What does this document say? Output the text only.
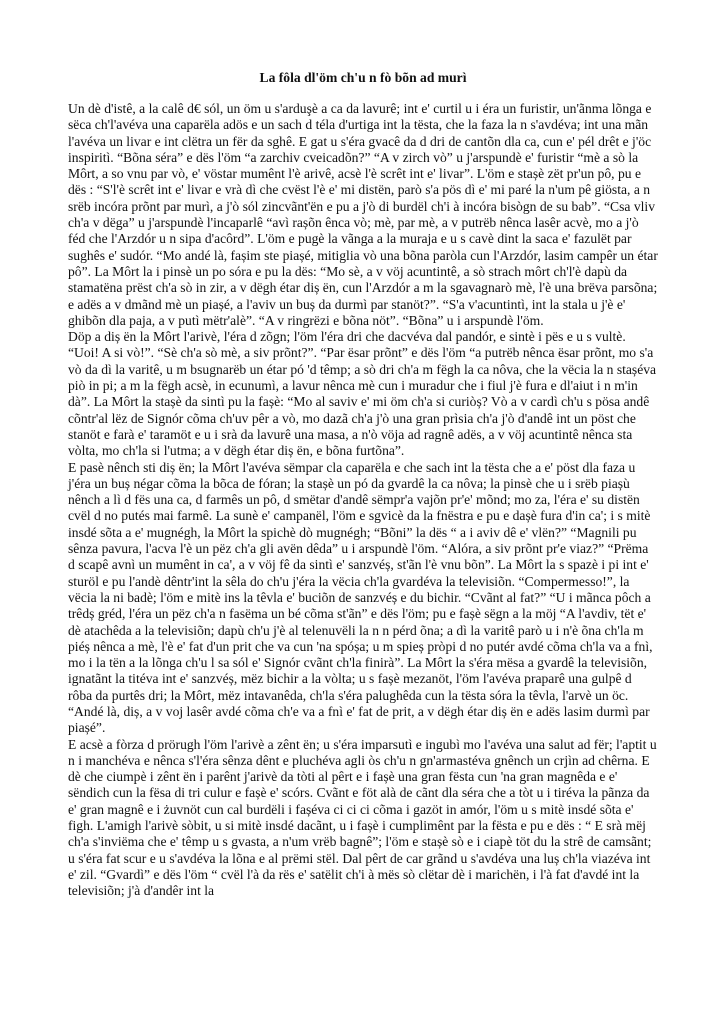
La fôla dl'öm ch'u n fò bõn ad murì

Un dè d'istê, a la calê d€ sól, un öm u s'arduşè a ca da lavurê; int e' curtil u i éra un furistir, un'ãnma lõnga e sëca ch'l'avéva una caparëla adös e un sach d téla d'urtiga int la tësta, che la faza la n s'avdéva; int una mãn l'avéva un livar e int clëtra un fër da sghê. E gat u s'éra gvacê da d dri de cantõn dla ca, cun e' pél drêt e j'öc inspiritì. “Bõna séra” e dës l'öm “a zarchiv cveicadõn?” “A v zirch vò” u j'arspundè e' furistir “mè a sò la Môrt, a so vnu par vò, e' vöstar mumênt l'è arivê, acsè l'è scrêt int e' livar”. L'öm e stașè zët pr'un pô, pu e dës : “S'l'è scrêt int e' livar e vrà dì che cvëst l'è e' mi distën, parò s'a pös dì e' mi paré la n'um pê giösta, a n srëb incóra prõnt par murì, a j'ò sól zincvãnt'ën e pu a j'ò di burdël ch'i à incóra bisògn de su bab”. “Csa vliv ch'a v dëga” u j'arspundè l'incaparlê “avì rașõn ênca vò; mè, par mè, a v putrëb nênca lasêr acvè, mo a j'ò féd che l'Arzdór u n sipa d'acôrd”. L'öm e pugè la vãnga a la muraja e u s cavè dint la saca e' fazulët par sughês e' sudór. “Mo andé là, fașim ste piașé, mitiglia vò una bõna paròla cun l'Arzdór, lasim campêr un étar pô”. La Môrt la i pinsè un po sóra e pu la dës: “Mo sè, a v vöj acuntintê, a sò strach môrt ch'l'è dapù da stamatëna prëst ch'a sò in zir, a v dëgh étar diș ën, cun l'Arzdór a m la sgavagnarò mè, l'è una brëva parsõna; e adës a v dmãnd mè un piașé, a l'aviv un buș da durmì par stanöt?”. “S'a v'acuntintì, int la stala u j'è e' ghibõn dla paja, a v putì mëtr'alè”. “A v ringrëzi e bõna nöt”. “Bõna” u i arspundè l'öm.

Döp a diș ën la Môrt l'arivè, l'éra d zõgn; l'öm l'éra dri che dacvéva dal pandór, e sintè i pës e u s vultè. “Uoi! A si vò!”. “Sè ch'a sò mè, a siv prõnt?”. “Par ësar prõnt” e dës l'öm “a putrëb nênca ësar prõnt, mo s'a vò da dì la varitê, u m bsugnarëb un étar pó 'd têmp; a sò dri ch'a m fëgh la ca nôva, che la vëcia la n stașéva piò in pi; a m la fëgh acsè, in ecunumì, a lavur nênca mè cun i muradur che i fiul j'è fura e dl'aiut i n m'in dà”. La Môrt la stașè da sintì pu la fașè: “Mo al saviv e' mi öm ch'a si curiòș? Vò a v cardì ch'u s pösa andê cõntr'al lëz de Signór cõma ch'uv pêr a vò, mo dazã ch'a j'ò una gran prìsia ch'a j'ò d'andê int un pöst che stanöt e farà e' taramöt e u i srà da lavurê una masa, a n'ò vöja ad ragnê adës, a v vöj acuntintê nênca sta vòlta, mo ch'la si l'utma; a v dëgh étar diș ën, e bõna furtõna”.

E pasè nênch sti diș ën; la Môrt l'avéva sëmpar cla caparëla e che sach int la tësta che a e' pöst dla faza u j'éra un buș négar cõma la bõca de fóran; la stașè un pó da gvardê la ca nôva; la pinsè che u i srëb piașù nênch a lì d fës una ca, d farmês un pô, d smëtar d'andê sëmpr'a vajõn pr'e' mõnd; mo za, l'éra e' su distën cvël d no putés mai farmê. La sunè e' campanël, l'öm e sgvicè da la fnëstra e pu e dașè fura d'in ca'; i s mitè insdé sõta a e' mugnégh, la Môrt la spichè dò mugnégh; “Bõni” la dës “ a i aviv dê e' vlën?” “Magnili pu sênza pavura, l'acva l'è un pëz ch'a gli avën dêda” u i arspundè l'öm. “Alóra, a siv prõnt pr'e viaz?” “Prëma d scapê avnì un mumênt in ca', a v vöj fê da sintì e' sanzvéș, st'ãn l'è vnu bõn”. La Môrt la s spazè i pi int e' sturöl e pu l'andè dêntr'int la sêla do ch'u j'éra la vëcia ch'la gvardéva la televisiõn. “Compermesso!”, la vëcia la ni badè; l'öm e mitè ins la têvla e' buciõn de sanzvéș e du bichir. “Cvãnt al fat?” “U i mãnca pôch a trêdș gréd, l'éra un pëz ch'a n fasëma un bé cõma st'ãn” e dës l'öm; pu e fașè sëgn a la möj “A l'avdiv, tët e' dè atachêda a la televisiõn; dapù ch'u j'è al telenuvëli la n n pérd õna; a dì la varitê parò u i n'è õna ch'la m piéș nênca a mè, l'è e' fat d'un prit che va cun 'na spóșa; u m spieș pròpi d no putér avdé cõma ch'la va a fnì, mo i la tën a la lõnga ch'u l sa sól e' Signór cvãnt ch'la finirà”. La Môrt la s'éra mësa a gvardê la televisiõn, ignatãnt la titéva int e' sanzvéș, mëz bichir a la vòlta; u s fașè mezanöt, l'öm l'avéva praparê una gulpê d rôba da purtês dri; la Môrt, mëz intavanêda, ch'la s'éra palughêda cun la tësta sóra la têvla, l'arvè un öc. “Andé là, diș, a v voj lasêr avdé cõma ch'e va a fnì e' fat de prit, a v dëgh étar diș ën e adës lasim durmì par piașé”.

E acsè a fòrza d prörugh l'öm l'arivè a zênt ën; u s'éra imparsutì e ingubì mo l'avéva una salut ad fër; l'aptit u n i manchéva e nênca s'l'éra sênza dênt e pluchéva agli òs ch'u n gn'armastéva gnênch un crjìn ad chêrna. E dè che ciumpè i zênt ën i parênt j'arivè da tòti al pêrt e i fașè una gran fësta cun 'na gran magnêda e e' sëndich cun la fësa di tri culur e fașè e' scórs. Cvãnt e föt alà de cãnt dla séra che a tòt u i tiréva la pãnza da e' gran magnê e i żuvnöt cun cal burdëli i fașéva ci ci ci cõma i gazöt in amór, l'öm u s mitè insdé sõta e' figh. L'amigh l'arivè sòbit, u si mitè insdé dacãnt, u i fașè i cumplimênt par la fësta e pu e dës : “ E srà mëj ch'a s'inviëma che e' têmp u s gvasta, a n'um vrëb bagnê”; l'öm e stașè sò e i ciapè töt du la strê de camsãnt; u s'éra fat scur e u s'avdéva la lõna e al prëmi stël. Dal pêrt de car grãnd u s'avdéva una luș ch'la viazéva int e' zil. “Gvardì” e dës l'öm “ cvël l'à da rës e' satëlit ch'i à mës sò clëtar dè i marichën, i l'à fat d'avdé int la televisiõn; j'à d'andêr int la
